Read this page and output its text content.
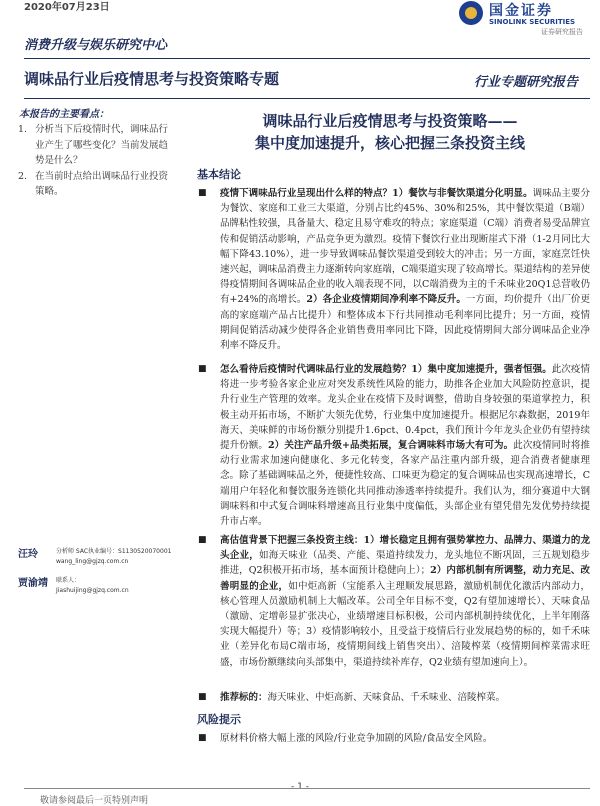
2020年07月23日
消费升级与娱乐研究中心
国金证券
SINOLINK SECURITIES
证券研究报告
调味品行业后疫情思考与投资策略专题	行业专题研究报告
本报告的主要看点：
1. 分析当下后疫情时代，调味品行业产生了哪些变化？当前发展趋势是什么？
2. 在当前时点给出调味品行业投资策略。
汪玲	分析师 SAC执业编号：S1130520070001
wang_ling@gjzq.com.cn
贾渝靖 联系人：
Jiashuijing@gjzq.com.cn
调味品行业后疫情思考与投资策略——
集中度加速提升，核心把握三条投资主线
基本结论
■ 疫情下调味品行业呈现出什么样的特点？1）餐饮与非餐饮渠道分化明显。调味品主要分为餐饮、家庭和工业三大渠道，分别占比约45%、30%和25%，其中餐饮渠道（B端）品牌粘性较强，具备量大、稳定且易守难攻的特点；家庭渠道（C端）消费者易受品牌宣传和促销活动影响，产品竞争更为激烈。疫情下餐饮行业出现断崖式下滑（1-2月同比大幅下降43.10%），进一步导致调味品餐饮渠道受到较大的冲击；另一方面，家庭烹饪快速兴起，调味品消费主力逐渐转向家庭端，C端渠道实现了较高增长。渠道结构的差异使得疫情期间各调味品企业的收入端表现不同，以C端消费为主的千禾味业20Q1总营收仍有+24%的高增长。2）各企业疫情期间净利率不降反升。一方面，均价提升（出厂价更高的家庭端产品占比提升）和整体成本下行共同推动毛利率同比提升；另一方面，疫情期间促销活动减少使得各企业销售费用率同比下降，因此疫情期间大部分调味品企业净利率不降反升。
■ 怎么看待后疫情时代调味品行业的发展趋势？1）集中度加速提升，强者恒强。此次疫情将进一步考验各家企业应对突发系统性风险的能力，助推各企业加大风险防控意识，提升行业生产管理的效率。龙头企业在疫情下及时调整，借助自身较强的渠道掌控力，积极主动开拓市场，不断扩大领先优势，行业集中度加速提升。根据尼尔森数据，2019年海天、美味鲜的市场份额分别提升1.6pct、0.4pct，我们预计今年龙头企业仍有望持续提升份额。2）关注产品升级+品类拓展，复合调味料市场大有可为。此次疫情同时将推动行业需求加速向健康化、多元化转变，各家产品注重内部升级，迎合消费者健康理念。除了基础调味品之外，便捷性较高、口味更为稳定的复合调味品也实现高速增长，C端用户年轻化和餐饮服务连锁化共同推动渗透率持续提升。我们认为，细分赛道中大钢调味料和中式复合调味料增速高且行业集中度偏低，头部企业有望凭借先发优势持续提升市占率。
■ 高估值背景下把握三条投资主线：1）增长稳定且拥有强势掌控力、品牌力、渠道力的龙头企业，如海天味业（品类、产能、渠道持续发力，龙头地位不断巩固，三五规划稳步推进，Q2积极开拓市场，基本面预计稳健向上）；2）内部机制有所调整，动力充足、改善明显的企业，如中炬高新（宝能系入主理顺发展思路，激励机制优化激活内部动力，核心管理人员激励机制上大幅改革。公司全年目标不变，Q2有望加速增长）、天味食品（激励、定增彰显扩张决心，业绩增速目标积极，公司内部机制持续优化，上半年刚落实现大幅提升）等；3）疫情影响较小，且受益于疫情后行业发展趋势的标的，如千禾味业（差异化布局C端市场，疫情期间线上销售突出）、涪陵榨菜（疫情期间榨菜需求旺盛，市场份额继续向头部集中，渠道持续补库存，Q2业绩有望加速向上）。
■ 推荐标的：海天味业、中炬高新、天味食品、千禾味业、涪陵榨菜。
风险提示
■ 原材料价格大幅上涨的风险/行业竞争加剧的风险/食品安全风险。
- 1 -
敬请参阅最后一页特别声明
